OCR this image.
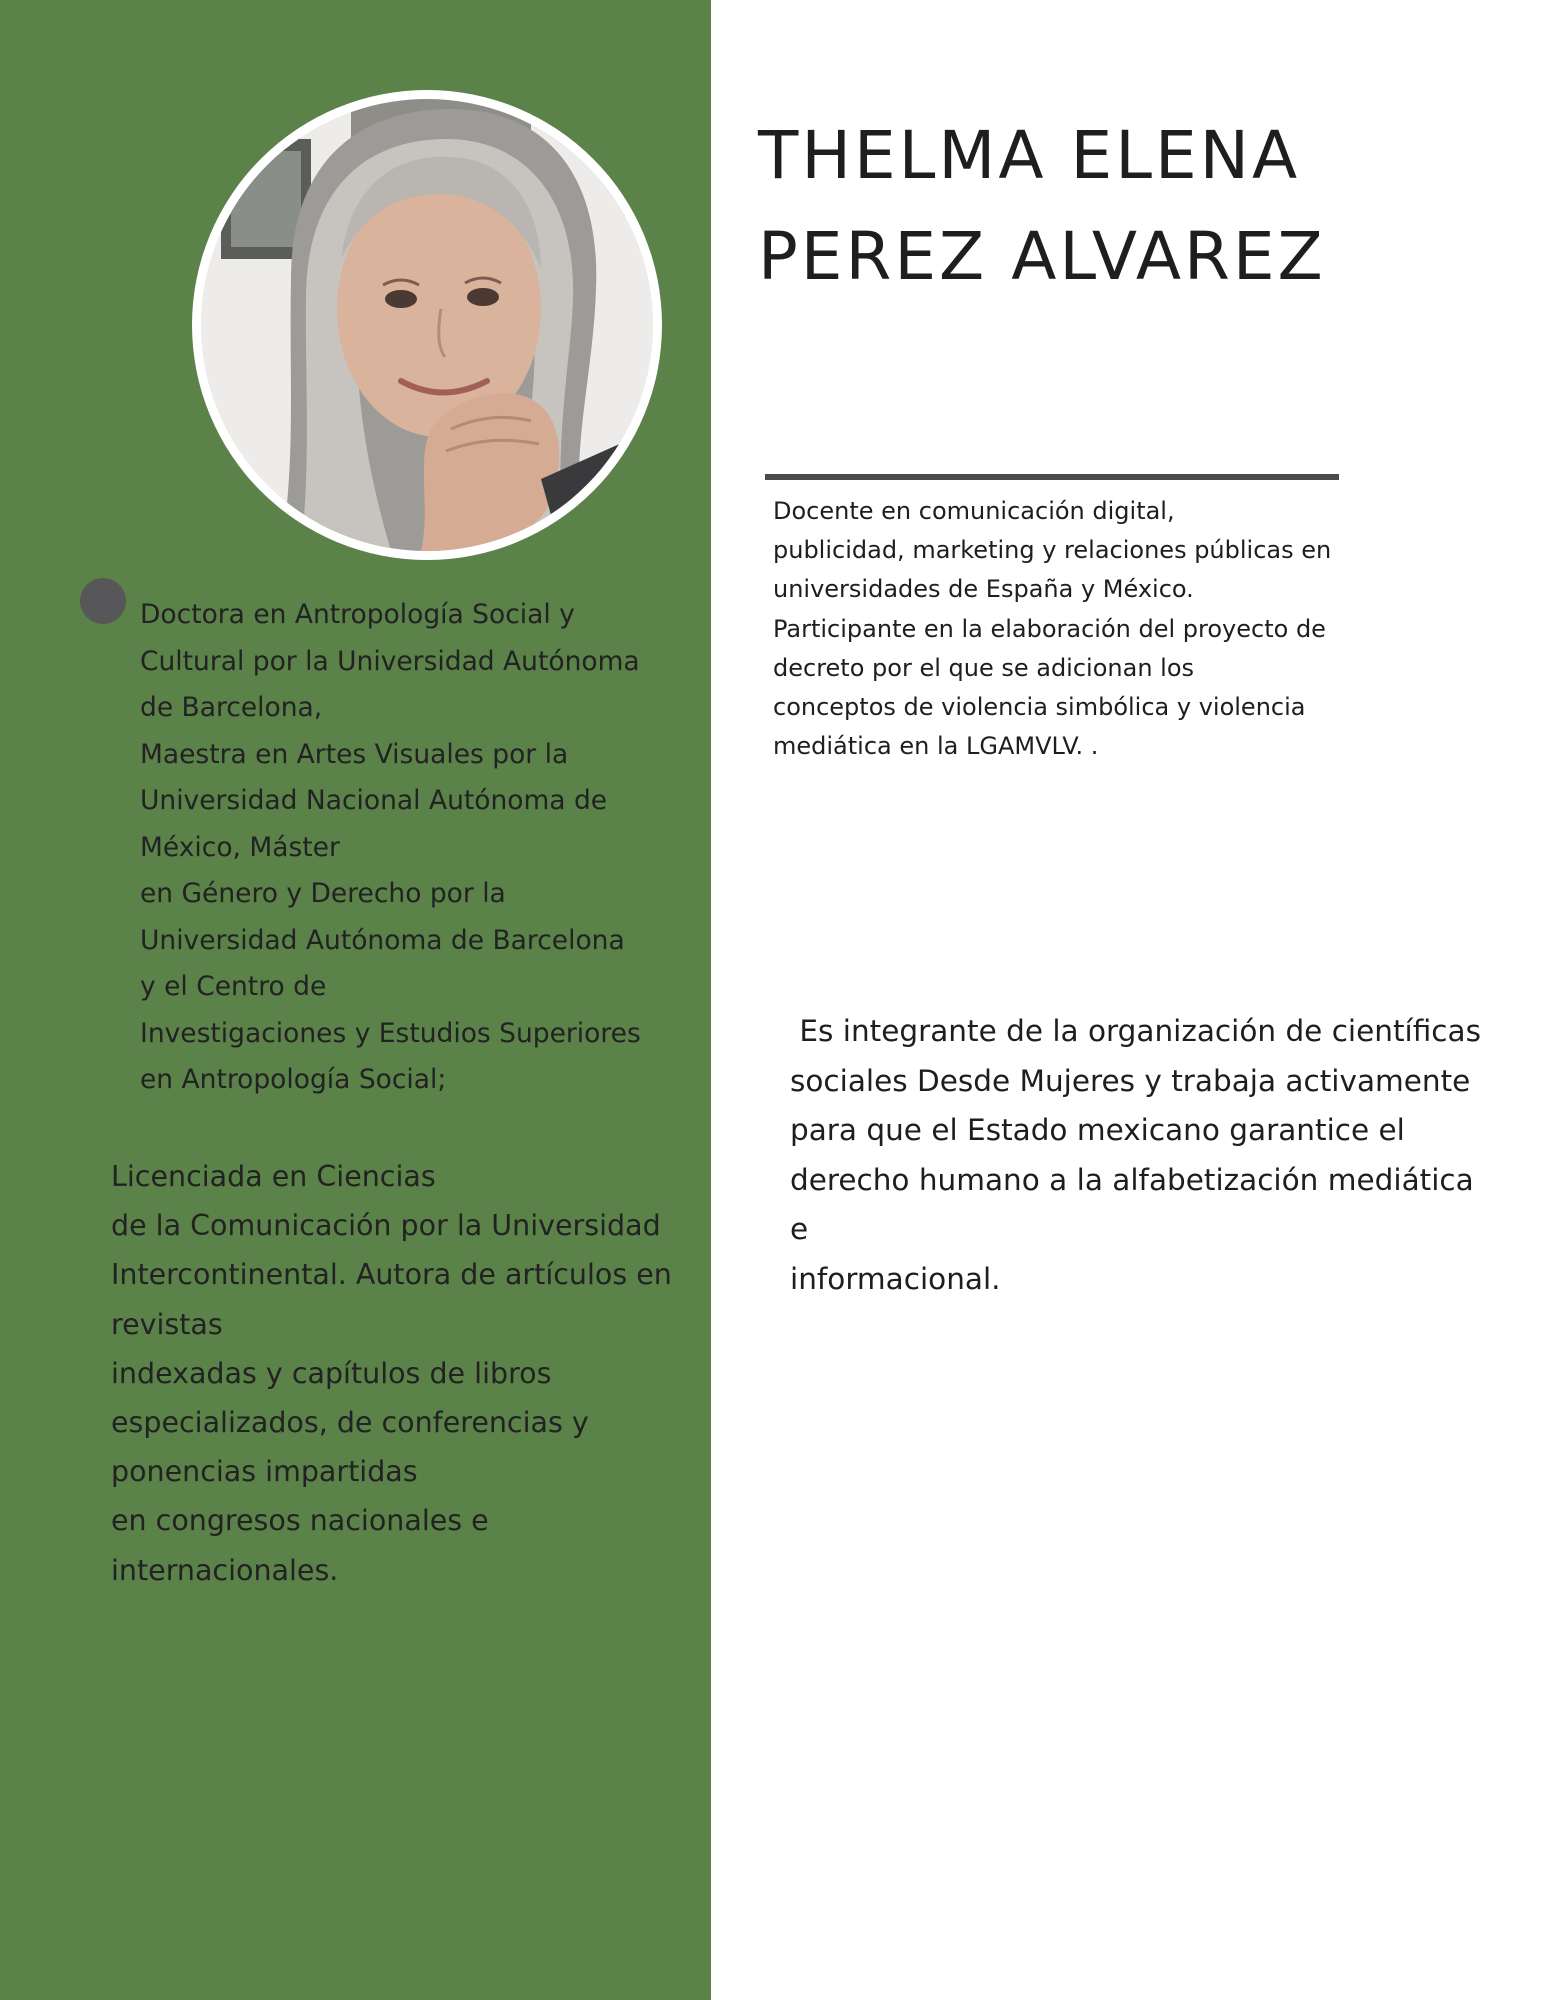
Doctora en Antropología Social y

Cultural por la Universidad Autónoma

de Barcelona,

Maestra en Artes Visuales por la

Universidad Nacional Autónoma de

México, Máster

en Género y Derecho por la

Universidad Autónoma de Barcelona

y el Centro de

Investigaciones y Estudios Superiores

en Antropología Social;

Licenciada en Ciencias

de la Comunicación por la Universidad

Intercontinental. Autora de artículos en

revistas

indexadas y capítulos de libros

especializados, de conferencias y

ponencias impartidas

en congresos nacionales e

internacionales.

THELMA ELENA
PEREZ ALVAREZ

Docente en comunicación digital,

publicidad, marketing y relaciones públicas en

universidades de España y México.

Participante en la elaboración del proyecto de

decreto por el que se adicionan los

conceptos de violencia simbólica y violencia

mediática en la LGAMVLV. .

Es integrante de la organización de científicas

sociales Desde Mujeres y trabaja activamente

para que el Estado mexicano garantice el

derecho humano a la alfabetización mediática e

informacional.
